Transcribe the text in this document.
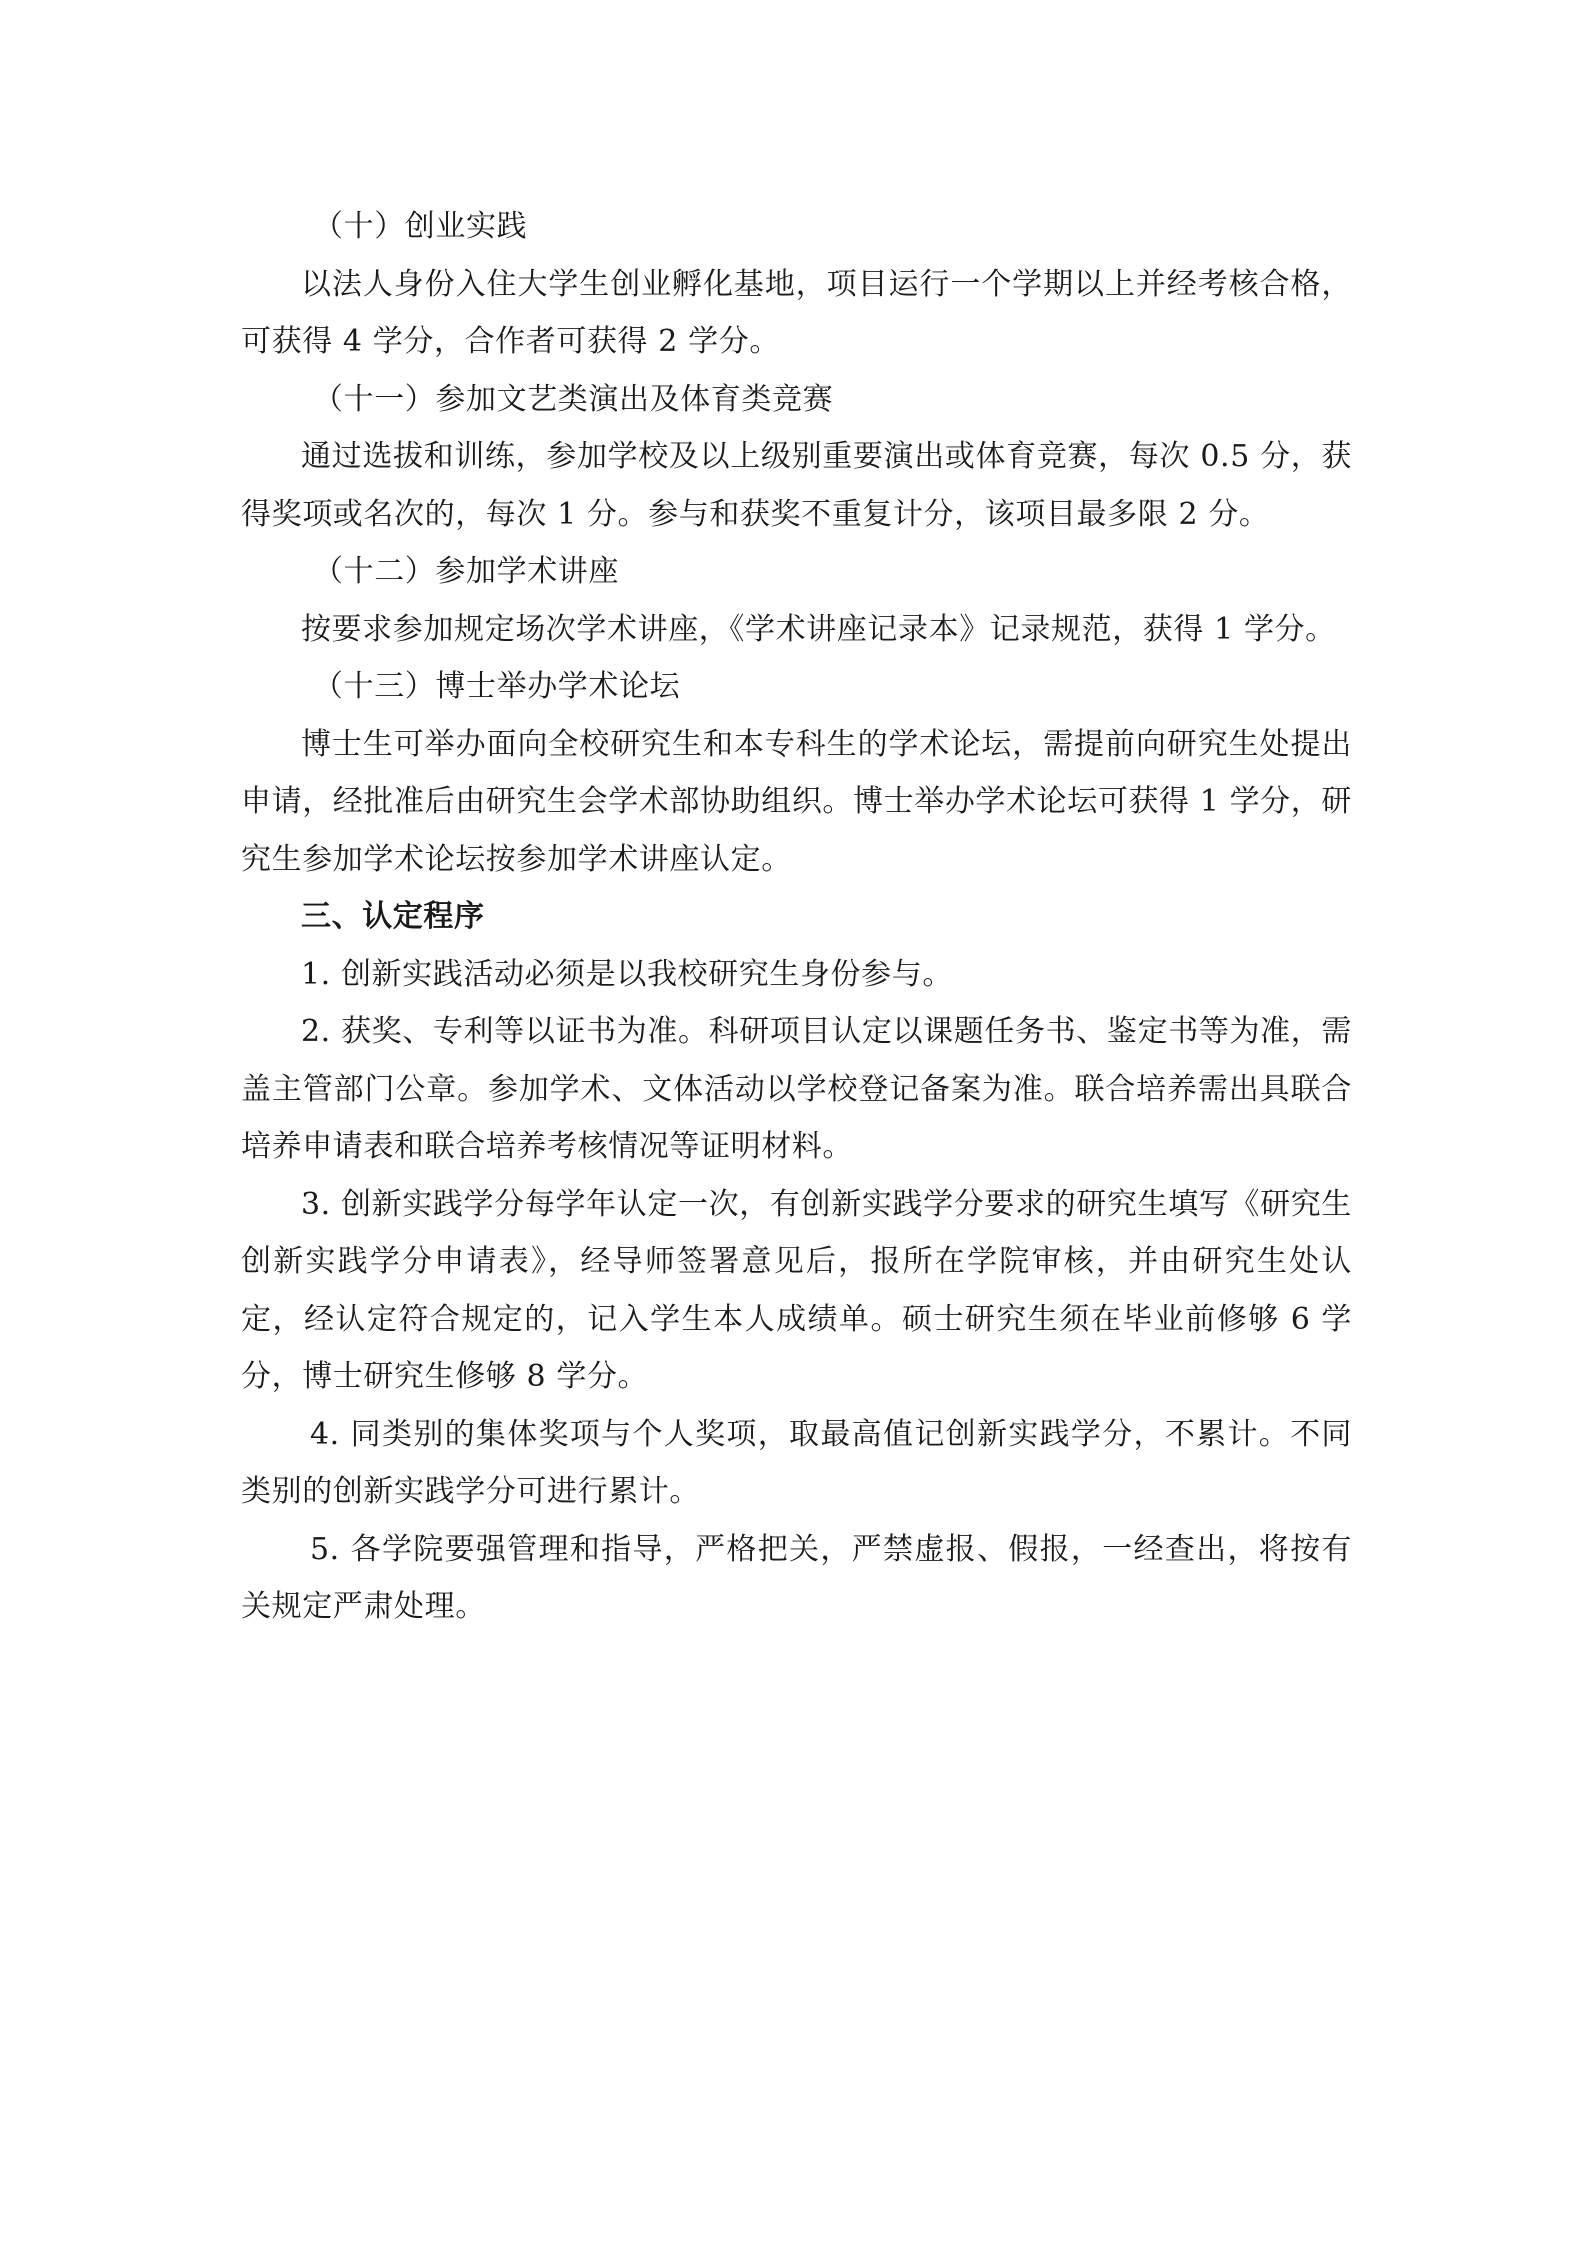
（十）创业实践

以法人身份入住大学生创业孵化基地，项目运行一个学期以上并经考核合格，可获得 4 学分，合作者可获得 2 学分。

（十一）参加文艺类演出及体育类竞赛

通过选拔和训练，参加学校及以上级别重要演出或体育竞赛，每次 0.5 分，获得奖项或名次的，每次 1 分。参与和获奖不重复计分，该项目最多限 2 分。

（十二）参加学术讲座

按要求参加规定场次学术讲座，《学术讲座记录本》记录规范，获得 1 学分。

（十三）博士举办学术论坛

博士生可举办面向全校研究生和本专科生的学术论坛，需提前向研究生处提出申请，经批准后由研究生会学术部协助组织。博士举办学术论坛可获得 1 学分，研究生参加学术论坛按参加学术讲座认定。

三、认定程序

1. 创新实践活动必须是以我校研究生身份参与。

2. 获奖、专利等以证书为准。科研项目认定以课题任务书、鉴定书等为准，需盖主管部门公章。参加学术、文体活动以学校登记备案为准。联合培养需出具联合培养申请表和联合培养考核情况等证明材料。

3. 创新实践学分每学年认定一次，有创新实践学分要求的研究生填写《研究生创新实践学分申请表》，经导师签署意见后，报所在学院审核，并由研究生处认定，经认定符合规定的，记入学生本人成绩单。硕士研究生须在毕业前修够 6 学分，博士研究生修够 8 学分。

4. 同类别的集体奖项与个人奖项，取最高值记创新实践学分，不累计。不同类别的创新实践学分可进行累计。

5. 各学院要强管理和指导，严格把关，严禁虚报、假报，一经查出，将按有关规定严肃处理。
